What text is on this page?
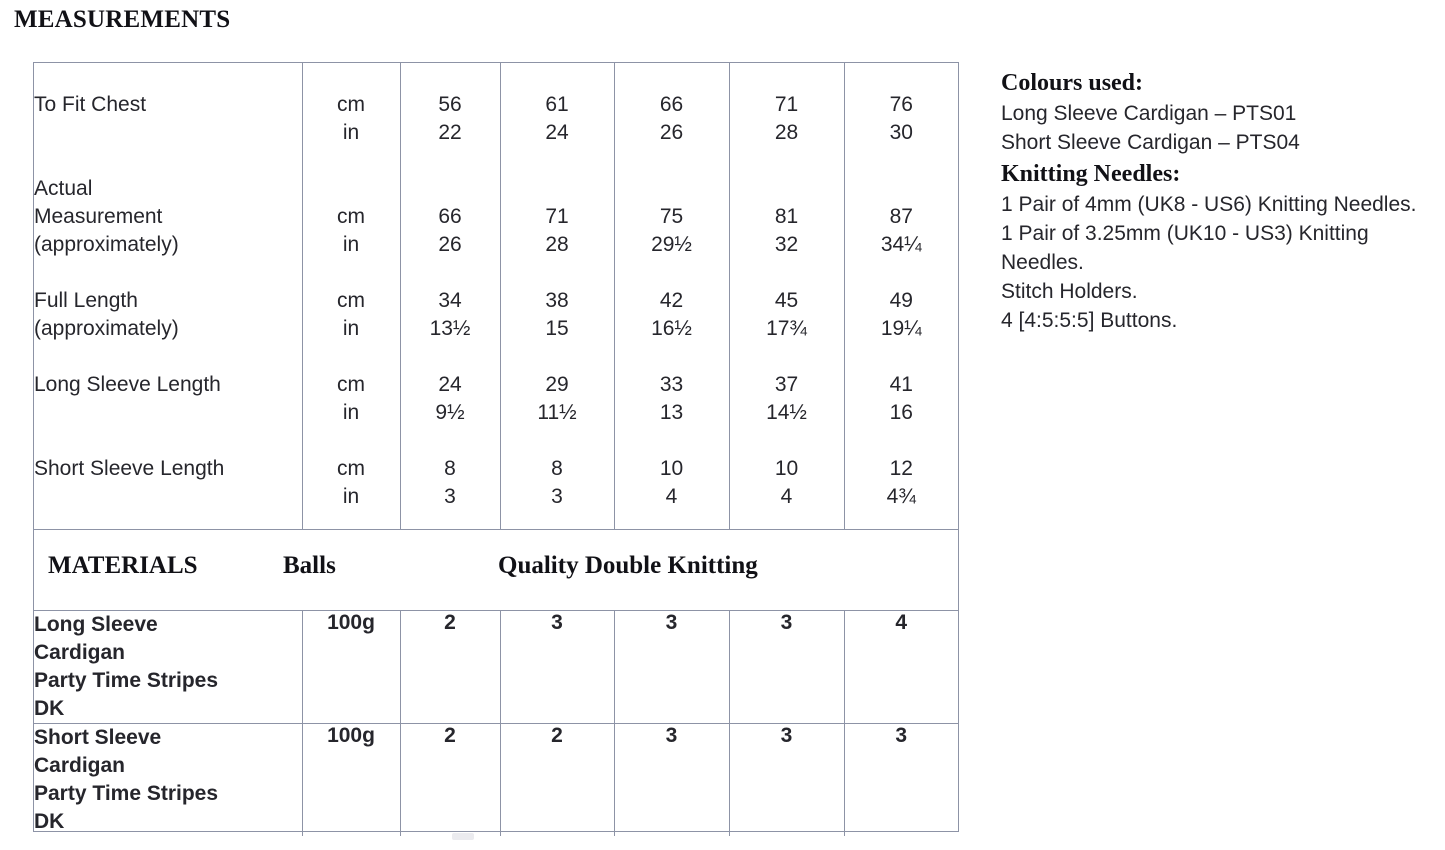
MEASUREMENTS

To Fit Chest	cm	56	61	66	71	76
	in	22	24	26	28	30

Actual
Measurement
(approximately)	cm	66	71	75	81	87
	in	26	28	29½	32	34¼

Full Length
(approximately)	cm	34	38	42	45	49
	in	13½	15	16½	17¾	19¼

Long Sleeve Length	cm	24	29	33	37	41
	in	9½	11½	13	14½	16

Short Sleeve Length	cm	8	8	10	10	12
	in	3	3	4	4	4¾

MATERIALS Balls Quality Double Knitting						

Long Sleeve
Cardigan
Party Time Stripes
DK	100g	2	3	3	3	4

Short Sleeve
Cardigan
Party Time Stripes
DK	100g	2	2	3	3	3
Colours used:
Long Sleeve Cardigan – PTS01
Short Sleeve Cardigan – PTS04
Knitting Needles:
1 Pair of 4mm (UK8 - US6) Knitting Needles.
1 Pair of 3.25mm (UK10 - US3) Knitting Needles.
Stitch Holders.
4 [4:5:5:5] Buttons.
